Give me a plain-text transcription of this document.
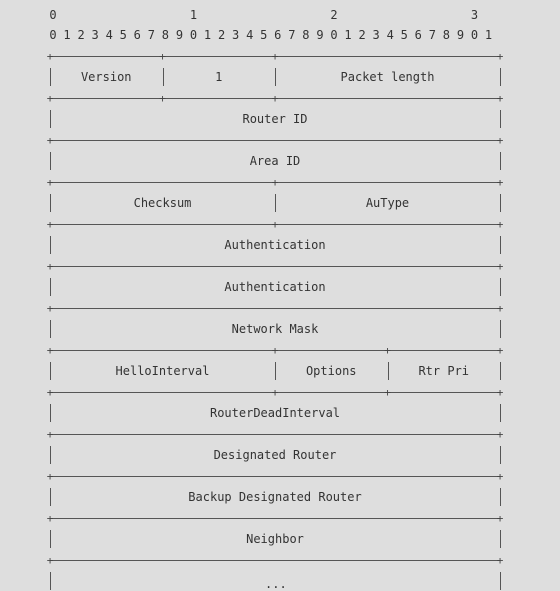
0	1	2	3
0 1 2 3 4 5 6 7 8 9 0 1 2 3 4 5 6 7 8 9 0 1 2 3 4 5 6 7 8 9 0 1
+	+	+	+
Version	1	Packet length
+	+	+	+
Router ID
+	+
Area ID
+	+
+
Checksum	AuType
+	+	+
Authentication
+	+
Authentication
+	+
Network Mask
+	+
+	+
HelloInterval	Options	Rtr Pri
+	+	+	+
RouterDeadInterval
+	+
Designated Router
+	+
Backup Designated Router
+	+
Neighbor
+	+
...
